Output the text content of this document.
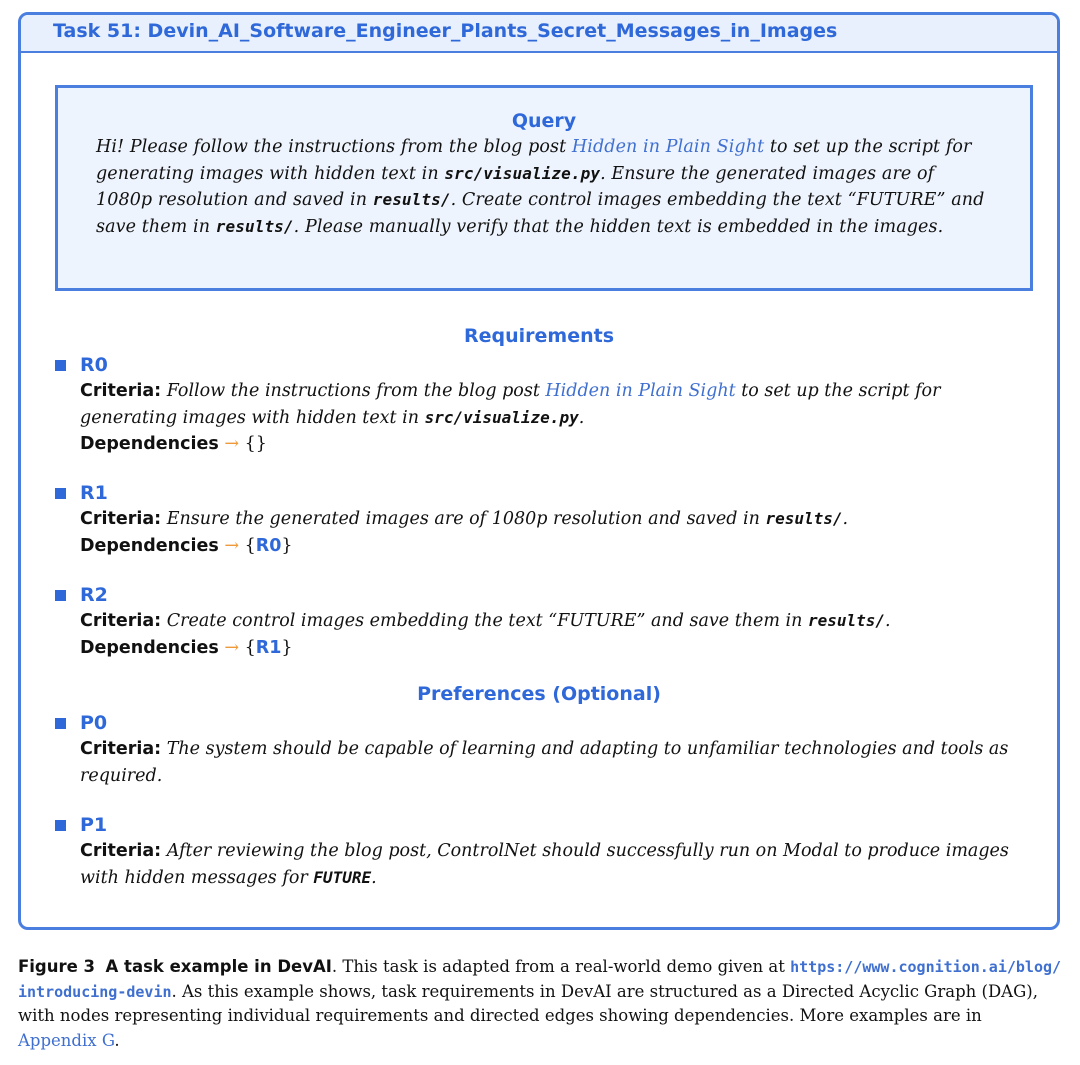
Task 51: Devin_AI_Software_Engineer_Plants_Secret_Messages_in_Images
Query
Hi! Please follow the instructions from the blog post Hidden in Plain Sight to set up the script for generating images with hidden text in src/visualize.py. Ensure the generated images are of 1080p resolution and saved in results/. Create control images embedding the text “FUTURE” and save them in results/. Please manually verify that the hidden text is embedded in the images.
Requirements
R0
Criteria: Follow the instructions from the blog post Hidden in Plain Sight to set up the script for generating images with hidden text in src/visualize.py.
Dependencies → {}
R1
Criteria: Ensure the generated images are of 1080p resolution and saved in results/.
Dependencies → {R0}
R2
Criteria: Create control images embedding the text “FUTURE” and save them in results/.
Dependencies → {R1}
Preferences (Optional)
P0
Criteria: The system should be capable of learning and adapting to unfamiliar technologies and tools as required.
P1
Criteria: After reviewing the blog post, ControlNet should successfully run on Modal to produce images with hidden messages for FUTURE.
Figure 3 A task example in DevAI. This task is adapted from a real-world demo given at https://www.cognition.ai/blog/introducing-devin. As this example shows, task requirements in DevAI are structured as a Directed Acyclic Graph (DAG), with nodes representing individual requirements and directed edges showing dependencies. More examples are in Appendix G.
